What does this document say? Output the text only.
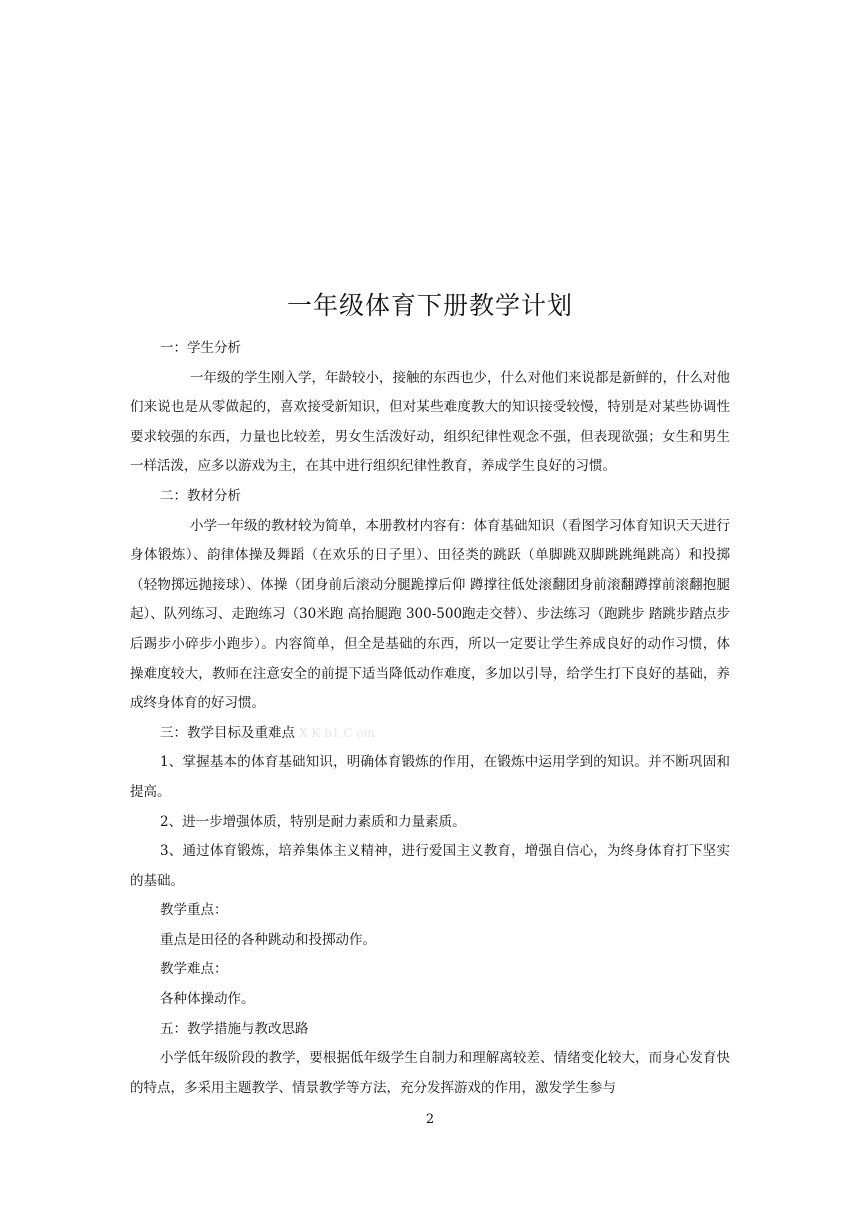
一年级体育下册教学计划

一：学生分析

一年级的学生刚入学，年龄较小，接触的东西也少，什么对他们来说都是新鲜的，什么对他们来说也是从零做起的，喜欢接受新知识，但对某些难度教大的知识接受较慢，特别是对某些协调性要求较强的东西，力量也比较差，男女生活泼好动，组织纪律性观念不强，但表现欲强；女生和男生一样活泼，应多以游戏为主，在其中进行组织纪律性教育，养成学生良好的习惯。

二：教材分析

小学一年级的教材较为简单，本册教材内容有：体育基础知识（看图学习体育知识天天进行身体锻炼）、韵律体操及舞蹈（在欢乐的日子里）、田径类的跳跃（单脚跳双脚跳跳绳跳高）和投掷（轻物掷远抛接球）、体操（团身前后滚动分腿跪撑后仰 蹲撑往低处滚翻团身前滚翻蹲撑前滚翻抱腿起）、队列练习、走跑练习（30米跑 高抬腿跑 300-500跑走交替）、步法练习（跑跳步 踏跳步踏点步后踢步小碎步小跑步）。内容简单，但全是基础的东西，所以一定要让学生养成良好的动作习惯，体操难度较大，教师在注意安全的前提下适当降低动作难度，多加以引导，给学生打下良好的基础，养成终身体育的好习惯。

三：教学目标及重难点 X K b1.C om

1、掌握基本的体育基础知识，明确体育锻炼的作用，在锻炼中运用学到的知识。并不断巩固和提高。

2、进一步增强体质，特别是耐力素质和力量素质。

3、通过体育锻炼，培养集体主义精神，进行爱国主义教育，增强自信心，为终身体育打下坚实的基础。

教学重点：

重点是田径的各种跳动和投掷动作。

教学难点：

各种体操动作。

五：教学措施与教改思路

小学低年级阶段的教学，要根据低年级学生自制力和理解离较差、情绪变化较大，而身心发育快的特点，多采用主题教学、情景教学等方法，充分发挥游戏的作用，激发学生参与

2
